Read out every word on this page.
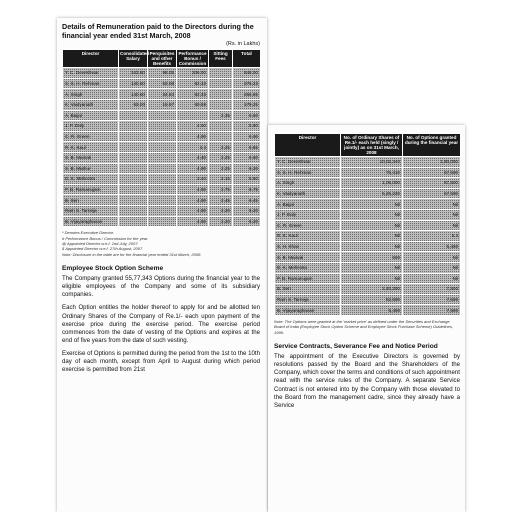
Details of Remuneration paid to the Directors during the financial year ended 31st March, 2008

(Rs. in Lakhs)
Director	Consolidated Salary	Perquisites and other Benefits	Performance Bonus / Commission	Sitting Fees	Total
Y. C. Deveshwar	343.60	98.05	206.00		648.00
S. S. H. Rehman	140.60	53.08	82.33		276.23
A. Singh	140.60	34.63	82.33		256.65
K. Vaidyanath	63.00	16.67	60.58		179.25
A. Baijal				2.35	6.50
J. P. Daly			4.00		5.90
C. R. Green			4.00		6.00
R. K. Kaul			4.4	2.25	6.65
S. B. Mainak			4.40	2.25	6.60
S. B. Mathur			4.00	2.25	6.20
D. K. Mehrotra			3.40	2.15	5.50
P. B. Ramanujam			4.00	2.75	6.75
B. Sen			4.00	2.45	6.45
Ram S. Tarneja			4.00	2.20	6.20
B. Vijayaraghavan			4.00	2.20	6.20
* Denotes Executive Director.
# Performance Bonus / Commission for the year.
@ Appointed Director w.e.f. 2nd July, 2007.
$ Appointed Director w.e.f. 27th August, 2007.
Note: Disclosure in the table are for the financial year ended 31st March, 2008.
Employee Stock Option Scheme

The Company granted 55,77,343 Options during the financial year to the eligible employees of the Company and some of its subsidiary companies.

Each Option entitles the holder thereof to apply for and be allotted ten Ordinary Shares of the Company of Re.1/- each upon payment of the exercise price during the exercise period. The exercise period commences from the date of vesting of the Options and expires at the end of five years from the date of such vesting.

Exercise of Options is permitted during the period from the 1st to the 10th day of each month, except from April to August during which period exercise is permitted from 21st

Director	No. of Ordinary Shares of Re.1/- each held (singly / jointly) as on 31st March, 2008	No. of Options granted during the financial year
Y. C. Deveshwar	10,02,340	1,80,000
S. S. H. Rehman	75,410	67,500
A. Singh	1,05,000	67,500
K. Vaidyanath	5,25,220	67,500
A. Baijal	Nil	Nil
J. P. Daly	Nil	Nil
C. R. Green	Nil	Nil
R. K. Kaul	Nil	5,4
S. H. Khan	Nil	5,400
S. B. Mainak	500	Nil
D. K. Mehrotra	Nil	Nil
P. B. Ramanujam	Nil	Nil
B. Sen	2,40,200	7,500
Ram S. Tarneja	52,500	7,500
B. Vijayaraghavan	5,400	7,500
Note: The Options were granted at the 'market price' as defined under the Securities and Exchange Board of India (Employee Stock Option Scheme and Employee Stock Purchase Scheme) Guidelines, 1999.
Service Contracts, Severance Fee and Notice Period

The appointment of the Executive Directors is governed by resolutions passed by the Board and the Shareholders of the Company, which cover the terms and conditions of such appointment read with the service rules of the Company. A separate Service Contract is not entered into by the Company with those elevated to the Board from the management cadre, since they already have a Service
